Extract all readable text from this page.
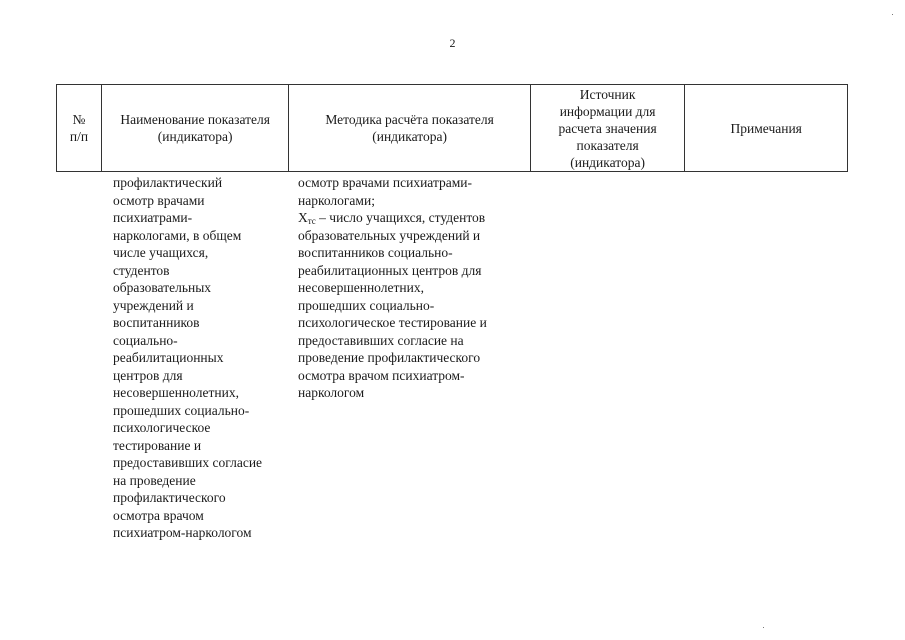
2
№
п/п
Наименование показателя
(индикатора)
Методика расчёта показателя
(индикатора)
Источник
информации для
расчета значения
показателя
(индикатора)
Примечания
профилактический
осмотр врачами
психиатрами-
наркологами, в общем
числе учащихся,
студентов
образовательных
учреждений и
воспитанников
социально-
реабилитационных
центров для
несовершеннолетних,
прошедших социально-
психологическое
тестирование и
предоставивших согласие
на проведение
профилактического
осмотра врачом
психиатром-наркологом
осмотр врачами психиатрами-
наркологами;
$X_{тс}$ – число учащихся, студентов
образовательных учреждений и
воспитанников социально-
реабилитационных центров для
несовершеннолетних,
прошедших социально-
психологическое тестирование и
предоставивших согласие на
проведение профилактического
осмотра врачом психиатром-
наркологом
